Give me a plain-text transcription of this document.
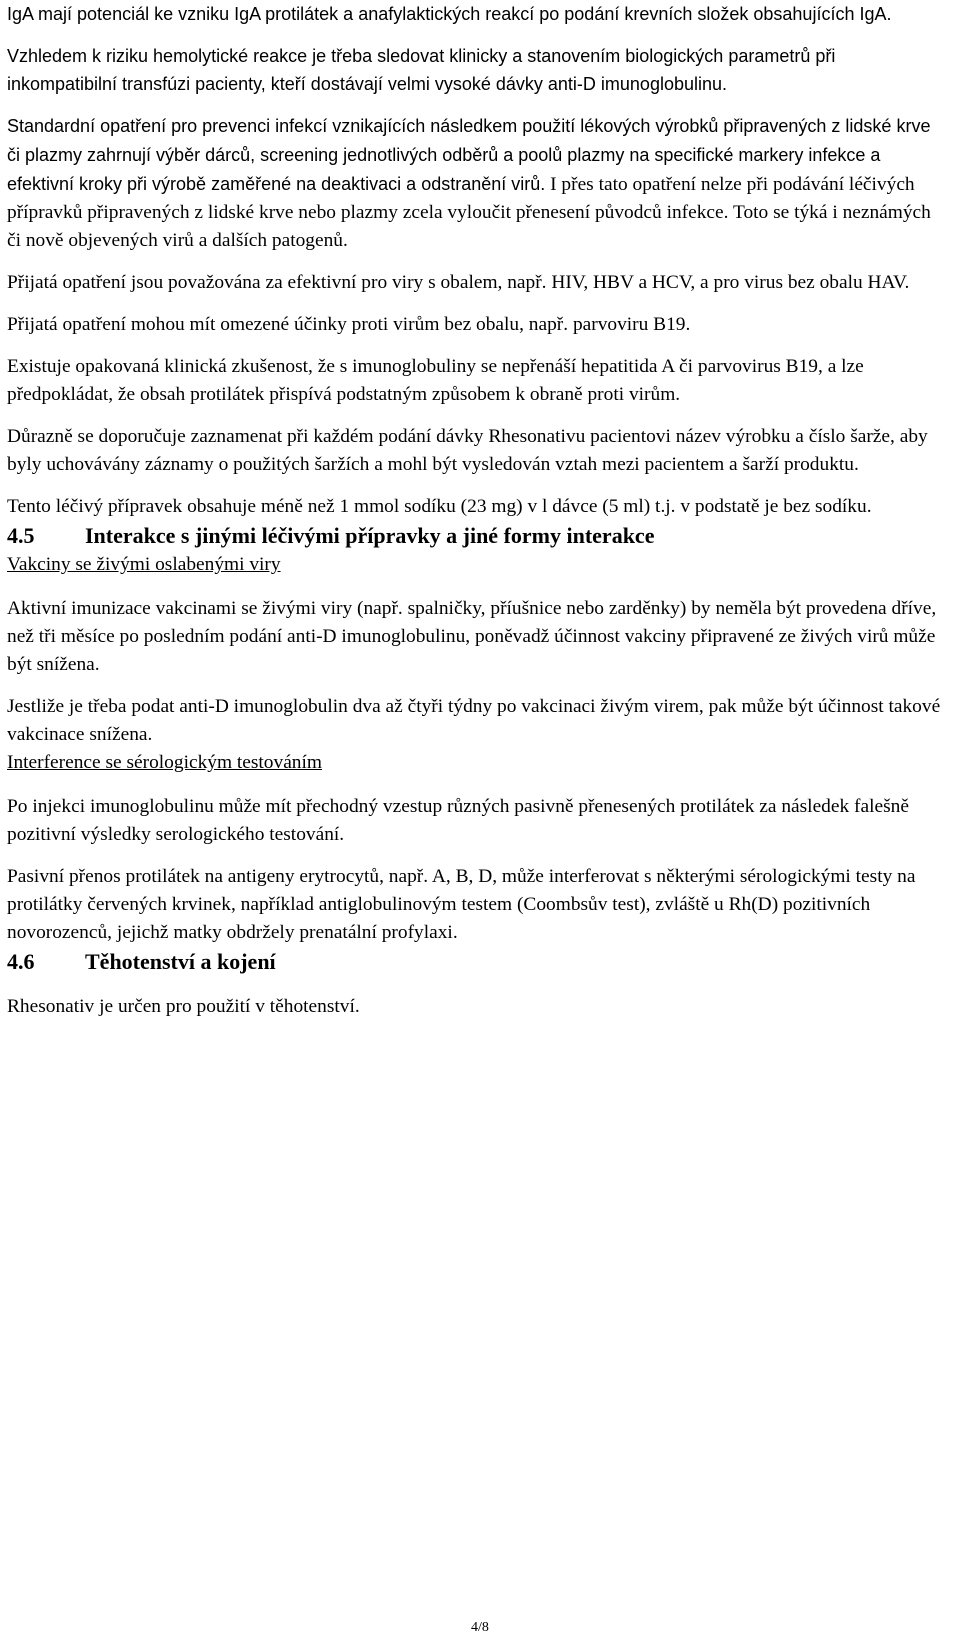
IgA mají potenciál ke vzniku IgA protilátek a anafylaktických reakcí po podání krevních složek obsahujících IgA.

Vzhledem k riziku hemolytické reakce je třeba sledovat klinicky a stanovením biologických parametrů při inkompatibilní transfúzi pacienty, kteří dostávají velmi vysoké dávky anti-D imunoglobulinu.

Standardní opatření pro prevenci infekcí vznikajících následkem použití lékových výrobků připravených z lidské krve či plazmy zahrnují výběr dárců, screening jednotlivých odběrů a poolů plazmy na specifické markery infekce a efektivní kroky při výrobě zaměřené na deaktivaci a odstranění virů. I přes tato opatření nelze při podávání léčivých přípravků připravených z lidské krve nebo plazmy zcela vyloučit přenesení původců infekce. Toto se týká i neznámých či nově objevených virů a dalších patogenů.

Přijatá opatření jsou považována za efektivní pro viry s obalem, např. HIV, HBV a HCV, a pro virus bez obalu HAV.

Přijatá opatření mohou mít omezené účinky proti virům bez obalu, např. parvoviru B19.

Existuje opakovaná klinická zkušenost, že s imunoglobuliny se nepřenáší hepatitida A či parvovirus B19, a lze předpokládat, že obsah protilátek přispívá podstatným způsobem k obraně proti virům.

Důrazně se doporučuje zaznamenat při každém podání dávky Rhesonativu pacientovi název výrobku a číslo šarže, aby byly uchovávány záznamy o použitých šaržích a mohl být vysledován vztah mezi pacientem a šarží produktu.

Tento léčivý přípravek obsahuje méně než 1 mmol sodíku (23 mg) v l dávce (5 ml) t.j. v podstatě je bez sodíku.

4.5	Interakce s jinými léčivými přípravky a jiné formy interakce

Vakciny se živými oslabenými viry

Aktivní imunizace vakcinami se živými viry (např. spalničky, příušnice nebo zarděnky) by neměla být provedena dříve, než tři měsíce po posledním podání anti-D imunoglobulinu, poněvadž účinnost vakciny připravené ze živých virů může být snížena.

Jestliže je třeba podat anti-D imunoglobulin dva až čtyři týdny po vakcinaci živým virem, pak může být účinnost takové vakcinace snížena.

Interference se sérologickým testováním

Po injekci imunoglobulinu může mít přechodný vzestup různých pasivně přenesených protilátek za následek falešně pozitivní výsledky serologického testování.

Pasivní přenos protilátek na antigeny erytrocytů, např. A, B, D, může interferovat s některými sérologickými testy na protilátky červených krvinek, například antiglobulinovým testem (Coombsův test), zvláště u Rh(D) pozitivních novorozenců, jejichž matky obdržely prenatální profylaxi.

4.6	Těhotenství a kojení

Rhesonativ je určen pro použití v těhotenství.

4/8
